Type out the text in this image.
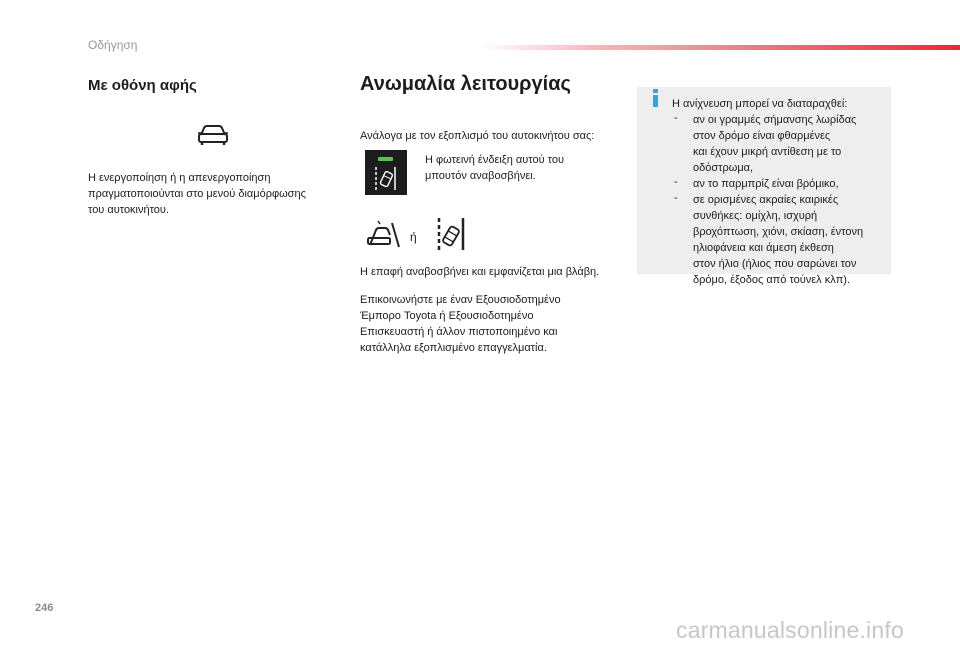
Οδήγηση
Με οθόνη αφής
Η ενεργοποίηση ή η απενεργοποίηση
πραγματοποιούνται στο μενού διαμόρφωσης
του αυτοκινήτου.
Ανωμαλία λειτουργίας
Ανάλογα με τον εξοπλισμό του αυτοκινήτου σας:
Η φωτεινή ένδειξη αυτού του
μπουτόν αναβοσβήνει.
ή
Η επαφή αναβοσβήνει και εμφανίζεται μια βλάβη.
Επικοινωνήστε με έναν Εξουσιοδοτημένο
Έμπορο Toyota ή Εξουσιοδοτημένο
Επισκευαστή ή άλλον πιστοποιημένο και
κατάλληλα εξοπλισμένο επαγγελματία.
Η ανίχνευση μπορεί να διαταραχθεί:
- αν οι γραμμές σήμανσης λωρίδας
στον δρόμο είναι φθαρμένες
και έχουν μικρή αντίθεση με το
οδόστρωμα,
- αν το παρμπρίζ είναι βρόμικο,
- σε ορισμένες ακραίες καιρικές
συνθήκες: ομίχλη, ισχυρή
βροχόπτωση, χιόνι, σκίαση, έντονη
ηλιοφάνεια και άμεση έκθεση
στον ήλιο (ήλιος που σαρώνει τον
δρόμο, έξοδος από τούνελ κλπ).
246
carmanualsonline.info
